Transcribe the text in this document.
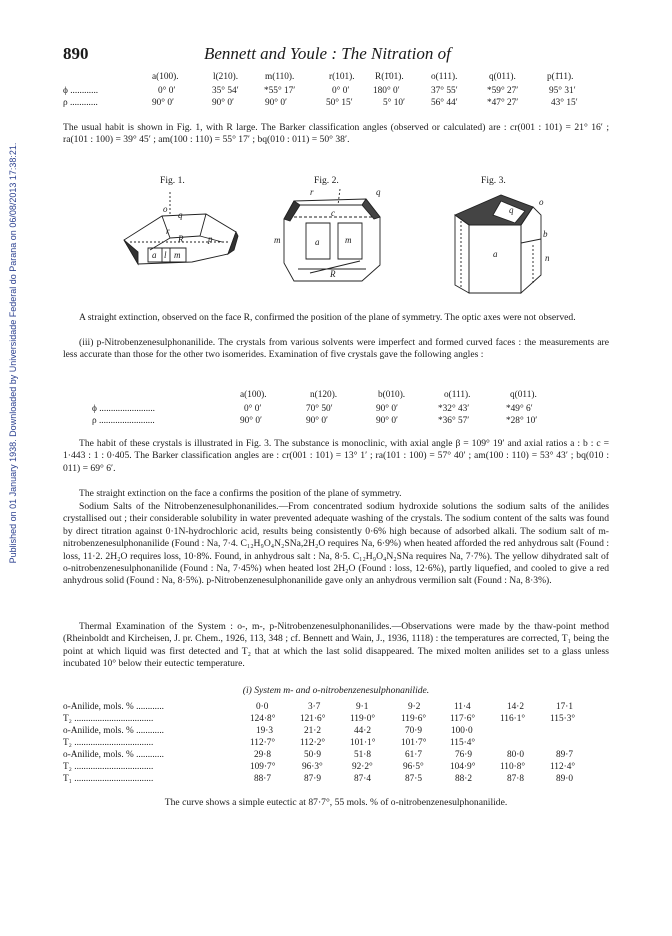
Published on 01 January 1938. Downloaded by Universidade Federal do Parana on 06/08/2013 17:38:21.
890	Bennett and Youle : The Nitration of
a(100).	l(210).	m(110).	r(101). R(1̄01).	o(111).	q(011).	p(1̄11).
ϕ ............	0° 0′	35° 54′	*55° 17′	0° 0′	180° 0′	37° 55′	*59° 27′	95° 31′
ρ ............	90° 0′	90° 0′	90° 0′	50° 15′	5° 10′	56° 44′	*47° 27′	43° 15′
The usual habit is shown in Fig. 1, with R large. The Barker classification angles (observed or calculated) are : cr(001 : 101) = 21° 16′ ; ra(101 : 100) = 39° 45′ ; am(100 : 110) = 55° 17′ ; bq(010 : 011) = 50° 38′.
Fig. 1.	Fig. 2.	Fig. 3.
o
q
r
R	p
a l m
r	q
c
m	a	m
R
q
o
b
a	n
A straight extinction, observed on the face R, confirmed the position of the plane of symmetry. The optic axes were not observed.
(iii) p-Nitrobenzenesulphonanilide. The crystals from various solvents were imperfect and formed curved faces : the measurements are less accurate than those for the other two isomerides. Examination of five crystals gave the following angles :
a(100).	n(120).	b(010).	o(111).	q(011).
ϕ ........................	0° 0′	70° 50′	90° 0′	*32° 43′	*49° 6′
ρ ........................	90° 0′	90° 0′	90° 0′	*36° 57′	*28° 10′
The habit of these crystals is illustrated in Fig. 3. The substance is monoclinic, with axial angle β = 109° 19′ and axial ratios a : b : c = 1·443 : 1 : 0·405. The Barker classification angles are : cr(001 : 101) = 13° 1′ ; ra(101 : 100) = 57° 40′ ; am(100 : 110) = 53° 43′ ; bq(010 : 011) = 69° 6′.
The straight extinction on the face a confirms the position of the plane of symmetry.
Sodium Salts of the Nitrobenzenesulphonanilides.—From concentrated sodium hydroxide solutions the sodium salts of the anilides crystallised out ; their considerable solubility in water prevented adequate washing of the crystals. The sodium content of the salts was found by direct titration against 0·1N-hydrochloric acid, results being consistently 0·6% high because of adsorbed alkali. The sodium salt of m-nitrobenzenesulphonanilide (Found : Na, 7·4. C₁₂H₉O₄N₂SNa,2H₂O requires Na, 6·9%) when heated afforded the red anhydrous salt (Found : loss, 11·2. 2H₂O requires loss, 10·8%. Found, in anhydrous salt : Na, 8·5. C₁₂H₉O₄N₂SNa requires Na, 7·7%). The yellow dihydrated salt of o-nitrobenzenesulphonanilide (Found : Na, 7·45%) when heated lost 2H₂O (Found : loss, 12·6%), partly liquefied, and cooled to give a red anhydrous solid (Found : Na, 8·5%). p-Nitrobenzenesulphonanilide gave only an anhydrous vermilion salt (Found : Na, 8·3%).
Thermal Examination of the System : o-, m-, p-Nitrobenzenesulphonanilides.—Observations were made by the thaw-point method (Rheinboldt and Kircheisen, J. pr. Chem., 1926, 113, 348 ; cf. Bennett and Wain, J., 1936, 1118) : the temperatures are corrected, T₁ being the point at which liquid was first detected and T₂ that at which the last solid disappeared. The mixed molten anilides set to a glass unless incubated 10° below their eutectic temperature.
(i) System m- and o-nitrobenzenesulphonanilide.
o-Anilide, mols. % ............	0·0	3·7	9·1	9·2	11·4	14·2	17·1
T₂ ..................................	124·8°	121·6°	119·0°	119·6°	117·6°	116·1°	115·3°
o-Anilide, mols. % ............	19·3	21·2	44·2	70·9	100·0
T₂ ..................................	112·7°	112·2°	101·1°	101·7°	115·4°
o-Anilide, mols. % ............	29·8	50·9	51·8	61·7	76·9	80·0	89·7
T₂ ..................................	109·7°	96·3°	92·2°	96·5°	104·9°	110·8°	112·4°
T₁ ..................................	88·7	87·9	87·4	87·5	88·2	87·8	89·0
The curve shows a simple eutectic at 87·7°, 55 mols. % of o-nitrobenzenesulphonanilide.
